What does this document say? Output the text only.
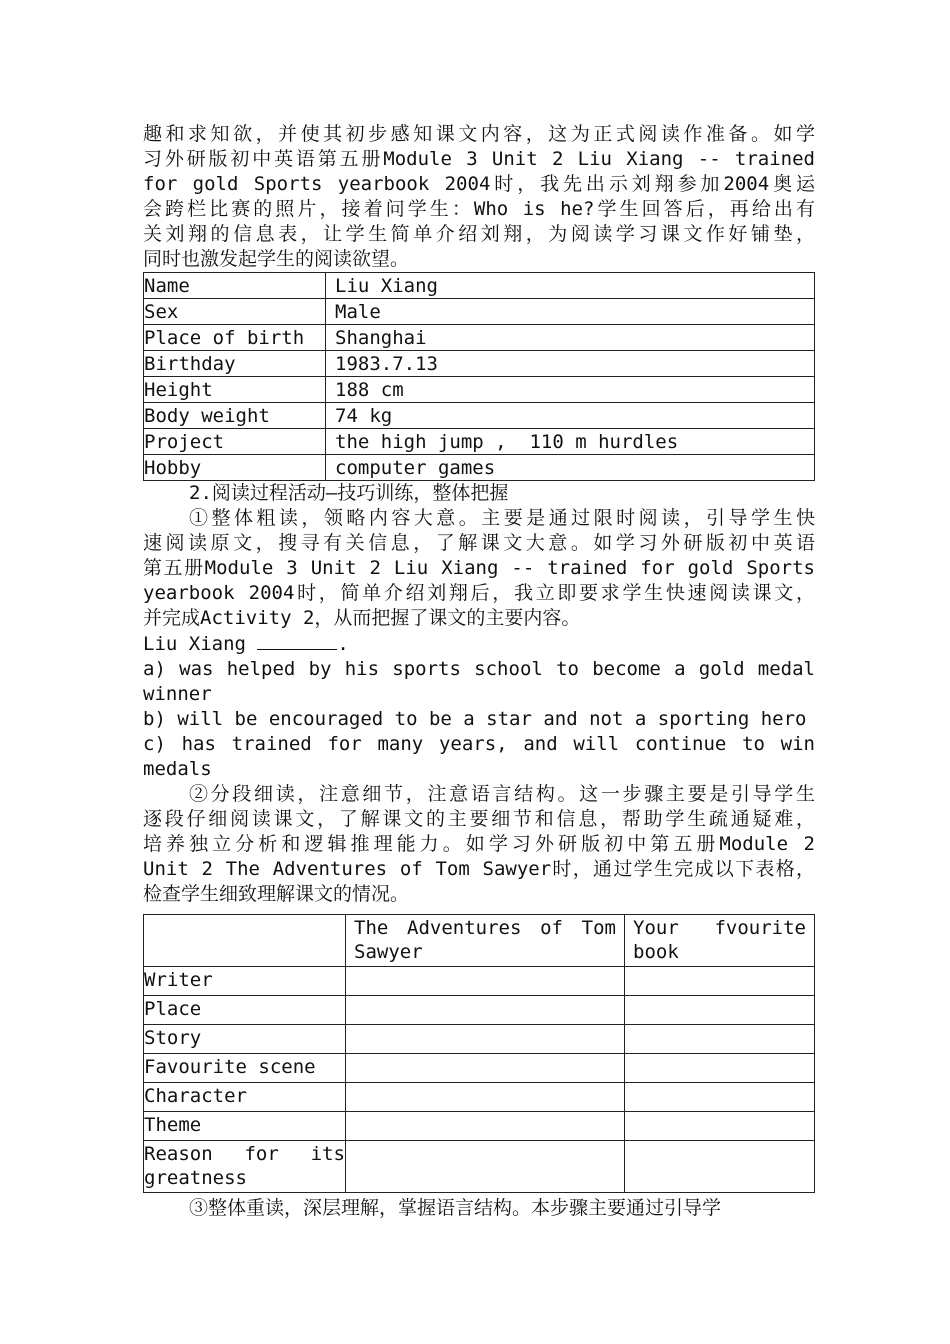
趣和求知欲，并使其初步感知课文内容，这为正式阅读作准备。如学
习外研版初中英语第五册Module 3 Unit 2 Liu Xiang -- trained
for gold Sports yearbook 2004时，我先出示刘翔参加2004奥运
会跨栏比赛的照片，接着问学生：Who is he?学生回答后，再给出有
关刘翔的信息表，让学生简单介绍刘翔，为阅读学习课文作好铺垫，
同时也激发起学生的阅读欲望。
Name	Liu Xiang
Sex	Male
Place of birth	Shanghai
Birthday	1983.7.13
Height	188 cm
Body weight	74 kg
Project	the high jump ,  110 m hurdles
Hobby	computer games
2.阅读过程活动—技巧训练，整体把握
①整体粗读，领略内容大意。主要是通过限时阅读，引导学生快
速阅读原文，搜寻有关信息，了解课文大意。如学习外研版初中英语
第五册Module 3 Unit 2 Liu Xiang -- trained for gold Sports
yearbook 2004时，简单介绍刘翔后，我立即要求学生快速阅读课文，
并完成Activity 2，从而把握了课文的主要内容。
Liu Xiang	.
a) was helped by his sports school to become a gold medal
winner
b) will be encouraged to be a star and not a sporting hero
c) has trained for many years, and will continue to win
medals
②分段细读，注意细节，注意语言结构。这一步骤主要是引导学生
逐段仔细阅读课文，了解课文的主要细节和信息，帮助学生疏通疑难，
培养独立分析和逻辑推理能力。如学习外研版初中第五册Module 2
Unit 2 The Adventures of Tom Sawyer时，通过学生完成以下表格，
检查学生细致理解课文的情况。
	The Adventures of Tom Sawyer	Your fvourite book
Writer		
Place		
Story		
Favourite scene		
Character		
Theme		
Reason for its greatness		
③整体重读，深层理解，掌握语言结构。本步骤主要通过引导学
